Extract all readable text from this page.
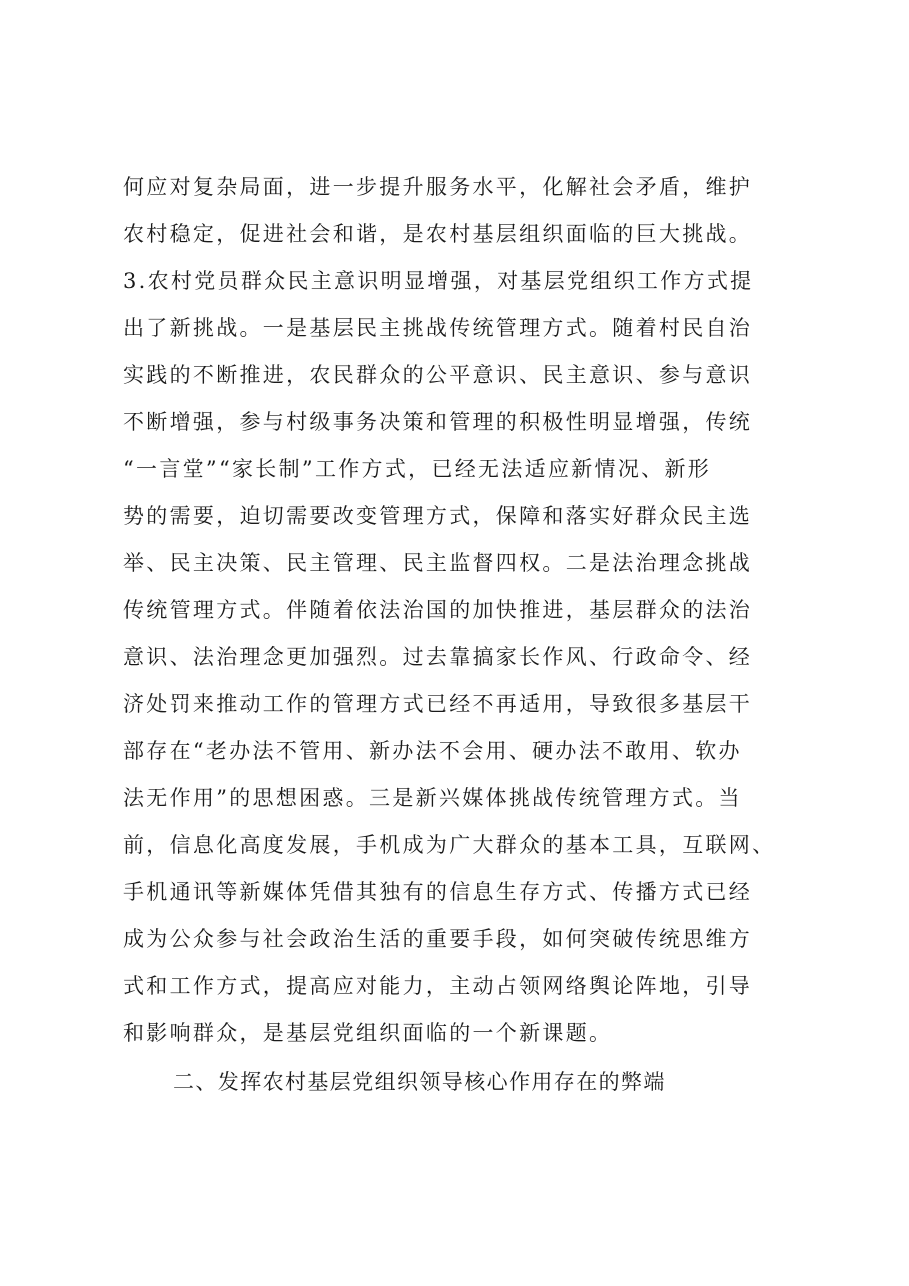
何应对复杂局面，进一步提升服务水平，化解社会矛盾，维护

农村稳定，促进社会和谐，是农村基层组织面临的巨大挑战。

3.农村党员群众民主意识明显增强，对基层党组织工作方式提

出了新挑战。一是基层民主挑战传统管理方式。随着村民自治

实践的不断推进，农民群众的公平意识、民主意识、参与意识

不断增强，参与村级事务决策和管理的积极性明显增强，传统

“一言堂”“家长制”工作方式，已经无法适应新情况、新形

势的需要，迫切需要改变管理方式，保障和落实好群众民主选

举、民主决策、民主管理、民主监督四权。二是法治理念挑战

传统管理方式。伴随着依法治国的加快推进，基层群众的法治

意识、法治理念更加强烈。过去靠搞家长作风、行政命令、经

济处罚来推动工作的管理方式已经不再适用，导致很多基层干

部存在“老办法不管用、新办法不会用、硬办法不敢用、软办

法无作用”的思想困惑。三是新兴媒体挑战传统管理方式。当

前，信息化高度发展，手机成为广大群众的基本工具，互联网、

手机通讯等新媒体凭借其独有的信息生存方式、传播方式已经

成为公众参与社会政治生活的重要手段，如何突破传统思维方

式和工作方式，提高应对能力，主动占领网络舆论阵地，引导

和影响群众，是基层党组织面临的一个新课题。

二、发挥农村基层党组织领导核心作用存在的弊端
